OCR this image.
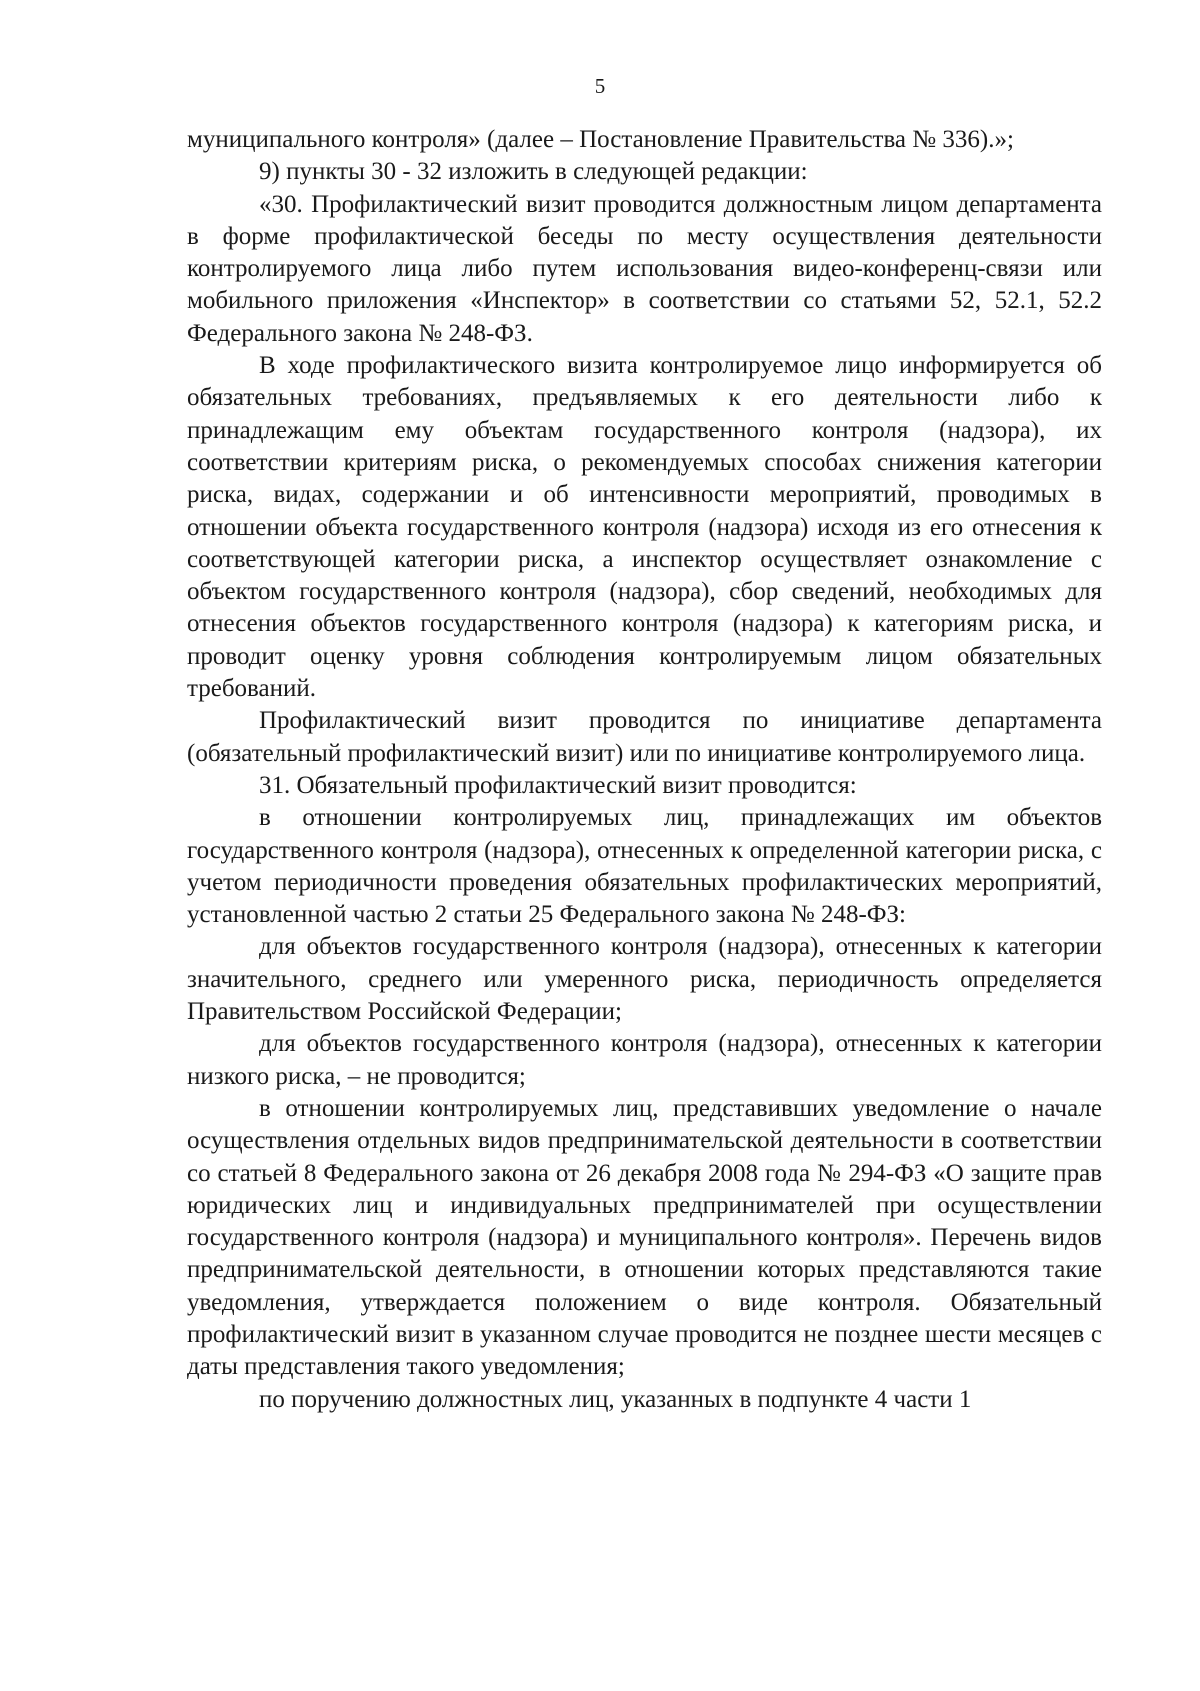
5

муниципального контроля» (далее – Постановление Правительства № 336).»;

9) пункты 30 - 32 изложить в следующей редакции:

«30. Профилактический визит проводится должностным лицом департамента в форме профилактической беседы по месту осуществления деятельности контролируемого лица либо путем использования видео-конференц-связи или мобильного приложения «Инспектор» в соответствии со статьями 52, 52.1, 52.2 Федерального закона № 248-ФЗ.

В ходе профилактического визита контролируемое лицо информируется об обязательных требованиях, предъявляемых к его деятельности либо к принадлежащим ему объектам государственного контроля (надзора), их соответствии критериям риска, о рекомендуемых способах снижения категории риска, видах, содержании и об интенсивности мероприятий, проводимых в отношении объекта государственного контроля (надзора) исходя из его отнесения к соответствующей категории риска, а инспектор осуществляет ознакомление с объектом государственного контроля (надзора), сбор сведений, необходимых для отнесения объектов государственного контроля (надзора) к категориям риска, и проводит оценку уровня соблюдения контролируемым лицом обязательных требований.

Профилактический визит проводится по инициативе департамента (обязательный профилактический визит) или по инициативе контролируемого лица.

31. Обязательный профилактический визит проводится:

в отношении контролируемых лиц, принадлежащих им объектов государственного контроля (надзора), отнесенных к определенной категории риска, с учетом периодичности проведения обязательных профилактических мероприятий, установленной частью 2 статьи 25 Федерального закона № 248-ФЗ:

для объектов государственного контроля (надзора), отнесенных к категории значительного, среднего или умеренного риска, периодичность определяется Правительством Российской Федерации;

для объектов государственного контроля (надзора), отнесенных к категории низкого риска, – не проводится;

в отношении контролируемых лиц, представивших уведомление о начале осуществления отдельных видов предпринимательской деятельности в соответствии со статьей 8 Федерального закона от 26 декабря 2008 года № 294-ФЗ «О защите прав юридических лиц и индивидуальных предпринимателей при осуществлении государственного контроля (надзора) и муниципального контроля». Перечень видов предпринимательской деятельности, в отношении которых представляются такие уведомления, утверждается положением о виде контроля. Обязательный профилактический визит в указанном случае проводится не позднее шести месяцев с даты представления такого уведомления;

по поручению должностных лиц, указанных в подпункте 4 части 1
